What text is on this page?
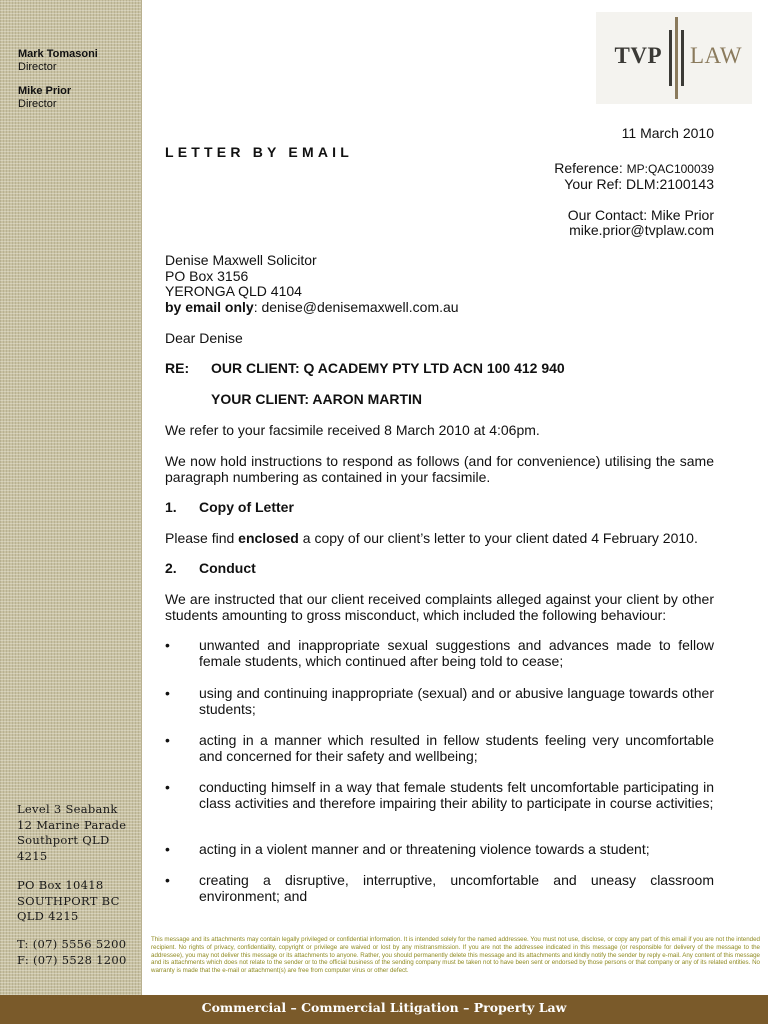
Mark Tomasoni
Director
Mike Prior
Director
Level 3 Seabank
12 Marine Parade
Southport QLD
4215
PO Box 10418
SOUTHPORT BC
QLD 4215
T: (07) 5556 5200
F: (07) 5528 1200
TVP LAW
11 March 2010
LETTER BY EMAIL
Reference: MP:QAC100039
Your Ref: DLM:2100143
Our Contact: Mike Prior
mike.prior@tvplaw.com
Denise Maxwell Solicitor
PO Box 3156
YERONGA QLD 4104
by email only: denise@denisemaxwell.com.au
Dear Denise
RE: OUR CLIENT: Q ACADEMY PTY LTD ACN 100 412 940
YOUR CLIENT: AARON MARTIN
We refer to your facsimile received 8 March 2010 at 4:06pm.
We now hold instructions to respond as follows (and for convenience) utilising the same paragraph numbering as contained in your facsimile.
1. Copy of Letter
Please find enclosed a copy of our client’s letter to your client dated 4 February 2010.
2. Conduct
We are instructed that our client received complaints alleged against your client by other students amounting to gross misconduct, which included the following behaviour:
• unwanted and inappropriate sexual suggestions and advances made to fellow female students, which continued after being told to cease;
• using and continuing inappropriate (sexual) and or abusive language towards other students;
• acting in a manner which resulted in fellow students feeling very uncomfortable and concerned for their safety and wellbeing;
• conducting himself in a way that female students felt uncomfortable participating in class activities and therefore impairing their ability to participate in course activities;
• acting in a violent manner and or threatening violence towards a student;
• creating a disruptive, interruptive, uncomfortable and uneasy classroom environment; and
This message and its attachments may contain legally privileged or confidential information. It is intended solely for the named addressee. You must not use, disclose, or copy any part of this email if you are not the intended recipient. No rights of privacy, confidentiality, copyright or privilege are waived or lost by any mistransmission. If you are not the addressee indicated in this message (or responsible for delivery of the message to the addressee), you may not deliver this message or its attachments to anyone. Rather, you should permanently delete this message and its attachments and kindly notify the sender by reply e-mail. Any content of this message and its attachments which does not relate to the sender or to the official business of the sending company must be taken not to have been sent or endorsed by those persons or that company or any of its related entities. No warranty is made that the e-mail or attachment(s) are free from computer virus or other defect.
Commercial – Commercial Litigation – Property Law
